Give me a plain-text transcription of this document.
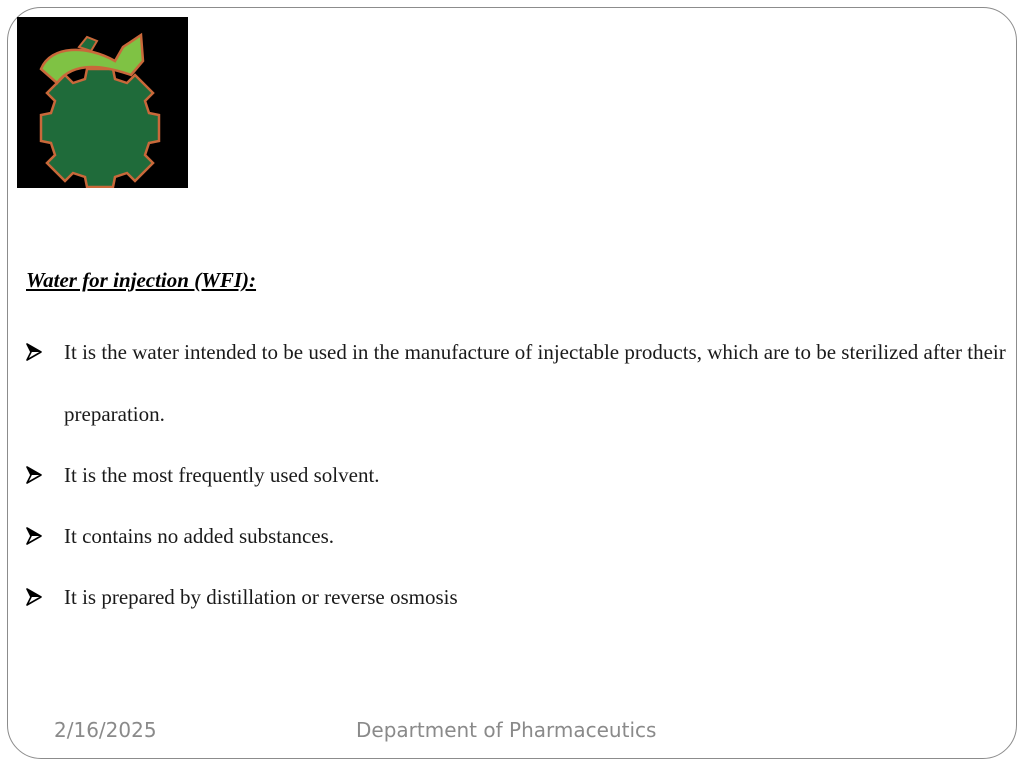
Water for injection (WFI):
It is the water intended to be used in the manufacture of injectable products, which are to be sterilized after their preparation.
It is the most frequently used solvent.
It contains no added substances.
It is prepared by distillation or reverse osmosis
2/16/2025	Department of Pharmaceutics
